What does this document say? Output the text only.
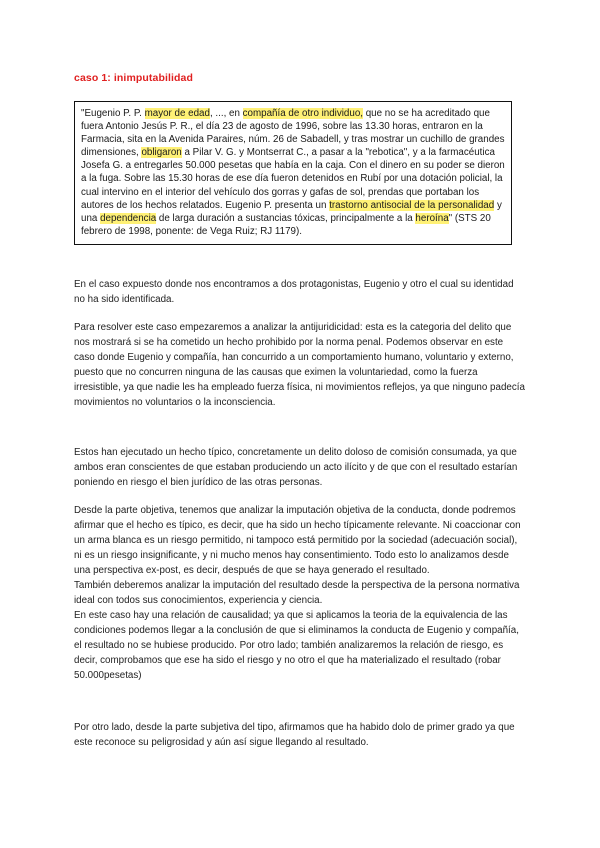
caso 1: inimputabilidad
"Eugenio P. P. mayor de edad, ..., en compañía de otro individuo, que no se ha acreditado que fuera Antonio Jesús P. R., el día 23 de agosto de 1996, sobre las 13.30 horas, entraron en la Farmacia, sita en la Avenida Paraires, núm. 26 de Sabadell, y tras mostrar un cuchillo de grandes dimensiones, obligaron a Pilar V. G. y Montserrat C., a pasar a la "rebotica", y a la farmacéutica Josefa G. a entregarles 50.000 pesetas que había en la caja. Con el dinero en su poder se dieron a la fuga. Sobre las 15.30 horas de ese día fueron detenidos en Rubí por una dotación policial, la cual intervino en el interior del vehículo dos gorras y gafas de sol, prendas que portaban los autores de los hechos relatados. Eugenio P. presenta un trastorno antisocial de la personalidad y una dependencia de larga duración a sustancias tóxicas, principalmente a la heroína" (STS 20 febrero de 1998, ponente: de Vega Ruiz; RJ 1179).

En el caso expuesto donde nos encontramos a dos protagonistas, Eugenio y otro el cual su identidad no ha sido identificada.

Para resolver este caso empezaremos a analizar la antijuridicidad: esta es la categoria del delito que nos mostrará si se ha cometido un hecho prohibido por la norma penal. Podemos observar en este caso donde Eugenio y compañía, han concurrido a un comportamiento humano, voluntario y externo, puesto que no concurren ninguna de las causas que eximen la voluntariedad, como la fuerza irresistible, ya que nadie les ha empleado fuerza física, ni movimientos reflejos, ya que ninguno padecía movimientos no voluntarios o la inconsciencia.

Estos han ejecutado un hecho típico, concretamente un delito doloso de comisión consumada, ya que ambos eran conscientes de que estaban produciendo un acto ilícito y de que con el resultado estarían poniendo en riesgo el bien jurídico de las otras personas.

Desde la parte objetiva, tenemos que analizar la imputación objetiva de la conducta, donde podremos afirmar que el hecho es típico, es decir, que ha sido un hecho típicamente relevante. Ni coaccionar con un arma blanca es un riesgo permitido, ni tampoco está permitido por la sociedad (adecuación social), ni es un riesgo insignificante, y ni mucho menos hay consentimiento. Todo esto lo analizamos desde una perspectiva ex-post, es decir, después de que se haya generado el resultado.
También deberemos analizar la imputación del resultado desde la perspectiva de la persona normativa ideal con todos sus conocimientos, experiencia y ciencia.
En este caso hay una relación de causalidad; ya que si aplicamos la teoria de la equivalencia de las condiciones podemos llegar a la conclusión de que si eliminamos la conducta de Eugenio y compañía, el resultado no se hubiese producido. Por otro lado; también analizaremos la relación de riesgo, es decir, comprobamos que ese ha sido el riesgo y no otro el que ha materializado el resultado (robar 50.000pesetas)

Por otro lado, desde la parte subjetiva del tipo, afirmamos que ha habido dolo de primer grado ya que este reconoce su peligrosidad y aún así sigue llegando al resultado.
